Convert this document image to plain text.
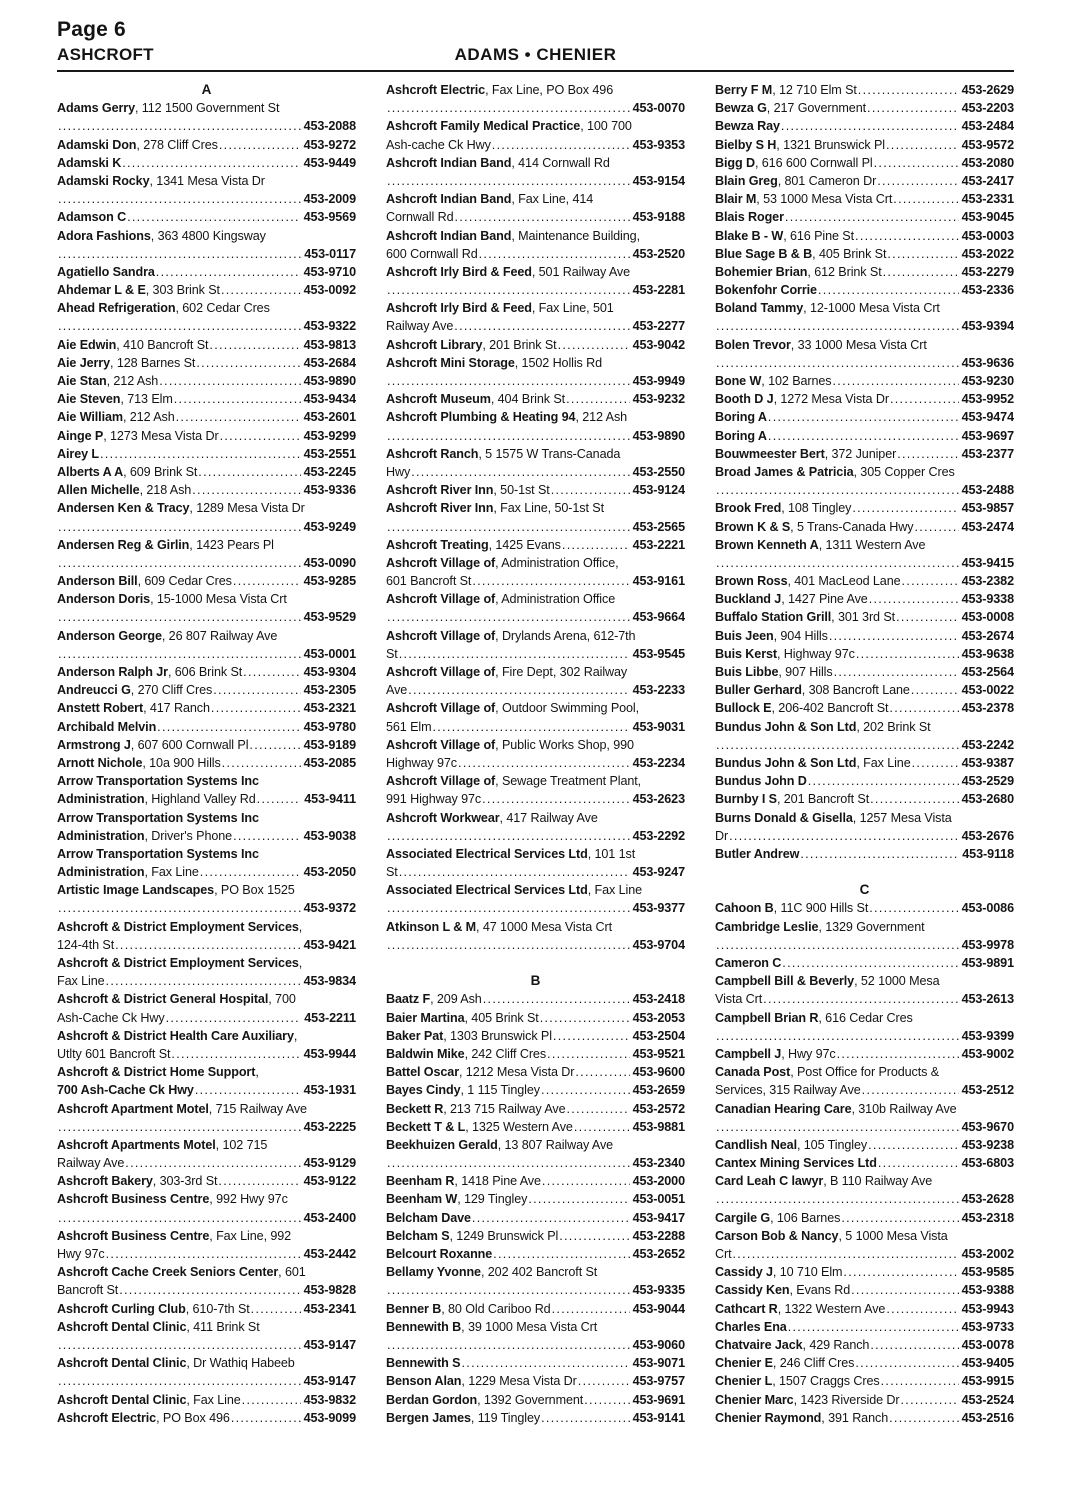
Page 6
ASHCROFT	ADAMS • CHENIER
A
Adams Gerry , 112 1500 Government St
.....
453-2088
Adamski Don , 278 Cliff Cres .....	453-9272
Adamski K .....	453-9449
Adamski Rocky , 1341 Mesa Vista Dr
.....
453-2009
Adamson C .....	453-9569
Adora Fashions , 363 4800 Kingsway
.....
453-0117
Agatiello Sandra .....	453-9710
Ahdemar L & E , 303 Brink St .....	453-0092
Ahead Refrigeration , 602 Cedar Cres
.....
453-9322
Aie Edwin , 410 Bancroft St .....	453-9813
Aie Jerry , 128 Barnes St .....	453-2684
Aie Stan , 212 Ash .....	453-9890
Aie Steven , 713 Elm .....	453-9434
Aie William , 212 Ash .....	453-2601
Ainge P , 1273 Mesa Vista Dr .....	453-9299
Airey L .....	453-2551
Alberts A A , 609 Brink St .....	453-2245
Allen Michelle , 218 Ash .....	453-9336
Andersen Ken & Tracy , 1289 Mesa Vista Dr
.....
453-9249
Andersen Reg & Girlin , 1423 Pears Pl
.....
453-0090
Anderson Bill , 609 Cedar Cres .....	453-9285
Anderson Doris , 15-1000 Mesa Vista Crt
.....
453-9529
Anderson George , 26 807 Railway Ave
.....
453-0001
Anderson Ralph Jr , 606 Brink St .....	453-9304
Andreucci G , 270 Cliff Cres .....	453-2305
Anstett Robert , 417 Ranch .....	453-2321
Archibald Melvin .....	453-9780
Armstrong J , 607 600 Cornwall Pl .....	453-9189
Arnott Nichole , 10a 900 Hills .....	453-2085
Arrow Transportation Systems Inc
Administration , Highland Valley Rd .....	453-9411
Arrow Transportation Systems Inc
Administration , Driver's Phone .....	453-9038
Arrow Transportation Systems Inc
Administration , Fax Line .....	453-2050
Artistic Image Landscapes , PO Box 1525
.....
453-9372
Ashcroft & District Employment Services ,
124-4th St .....	453-9421
Ashcroft & District Employment Services ,
Fax Line .....	453-9834
Ashcroft & District General Hospital , 700
Ash-Cache Ck Hwy .....	453-2211
Ashcroft & District Health Care Auxiliary ,
Utlty 601 Bancroft St .....	453-9944
Ashcroft & District Home Support ,
700 Ash-Cache Ck Hwy .....	453-1931
Ashcroft Apartment Motel , 715 Railway Ave
.....
453-2225
Ashcroft Apartments Motel , 102 715
Railway Ave .....	453-9129
Ashcroft Bakery , 303-3rd St .....	453-9122
Ashcroft Business Centre , 992 Hwy 97c
.....
453-2400
Ashcroft Business Centre , Fax Line, 992
Hwy 97c .....	453-2442
Ashcroft Cache Creek Seniors Center , 601
Bancroft St .....	453-9828
Ashcroft Curling Club , 610-7th St .....	453-2341
Ashcroft Dental Clinic , 411 Brink St
.....
453-9147
Ashcroft Dental Clinic , Dr Wathiq Habeeb
.....
453-9147
Ashcroft Dental Clinic , Fax Line .....	453-9832
Ashcroft Electric , PO Box 496 .....	453-9099
Ashcroft Electric , Fax Line, PO Box 496
.....
453-0070
Ashcroft Family Medical Practice , 100 700
Ash-cache Ck Hwy .....	453-9353
Ashcroft Indian Band , 414 Cornwall Rd
.....
453-9154
Ashcroft Indian Band , Fax Line, 414
Cornwall Rd .....	453-9188
Ashcroft Indian Band , Maintenance Building,
600 Cornwall Rd .....	453-2520
Ashcroft Irly Bird & Feed , 501 Railway Ave
.....
453-2281
Ashcroft Irly Bird & Feed , Fax Line, 501
Railway Ave .....	453-2277
Ashcroft Library , 201 Brink St .....	453-9042
Ashcroft Mini Storage , 1502 Hollis Rd
.....
453-9949
Ashcroft Museum , 404 Brink St .....	453-9232
Ashcroft Plumbing & Heating 94 , 212 Ash
.....
453-9890
Ashcroft Ranch , 5 1575 W Trans-Canada
Hwy .....	453-2550
Ashcroft River Inn , 50-1st St .....	453-9124
Ashcroft River Inn , Fax Line, 50-1st St
.....
453-2565
Ashcroft Treating , 1425 Evans .....	453-2221
Ashcroft Village of , Administration Office,
601 Bancroft St .....	453-9161
Ashcroft Village of , Administration Office
.....
453-9664
Ashcroft Village of , Drylands Arena, 612-7th
St .....	453-9545
Ashcroft Village of , Fire Dept, 302 Railway
Ave .....	453-2233
Ashcroft Village of , Outdoor Swimming Pool,
561 Elm .....	453-9031
Ashcroft Village of , Public Works Shop, 990
Highway 97c .....	453-2234
Ashcroft Village of , Sewage Treatment Plant,
991 Highway 97c .....	453-2623
Ashcroft Workwear , 417 Railway Ave
.....
453-2292
Associated Electrical Services Ltd , 101 1st
St .....	453-9247
Associated Electrical Services Ltd , Fax Line
.....
453-9377
Atkinson L & M , 47 1000 Mesa Vista Crt
.....
453-9704
B
Baatz F , 209 Ash .....	453-2418
Baier Martina , 405 Brink St .....	453-2053
Baker Pat , 1303 Brunswick Pl .....	453-2504
Baldwin Mike , 242 Cliff Cres .....	453-9521
Battel Oscar , 1212 Mesa Vista Dr .....	453-9600
Bayes Cindy , 1 115 Tingley .....	453-2659
Beckett R , 213 715 Railway Ave .....	453-2572
Beckett T & L , 1325 Western Ave .....	453-9881
Beekhuizen Gerald , 13 807 Railway Ave
.....
453-2340
Beenham R , 1418 Pine Ave .....	453-2000
Beenham W , 129 Tingley .....	453-0051
Belcham Dave .....	453-9417
Belcham S , 1249 Brunswick Pl .....	453-2288
Belcourt Roxanne .....	453-2652
Bellamy Yvonne , 202 402 Bancroft St
.....
453-9335
Benner B , 80 Old Cariboo Rd .....	453-9044
Bennewith B , 39 1000 Mesa Vista Crt
.....
453-9060
Bennewith S .....	453-9071
Benson Alan , 1229 Mesa Vista Dr .....	453-9757
Berdan Gordon , 1392 Government .....	453-9691
Bergen James , 119 Tingley .....	453-9141
Berry F M , 12 710 Elm St .....	453-2629
Bewza G , 217 Government .....	453-2203
Bewza Ray .....	453-2484
Bielby S H , 1321 Brunswick Pl .....	453-9572
Bigg D , 616 600 Cornwall Pl .....	453-2080
Blain Greg , 801 Cameron Dr .....	453-2417
Blair M , 53 1000 Mesa Vista Crt .....	453-2331
Blais Roger .....	453-9045
Blake B - W , 616 Pine St .....	453-0003
Blue Sage B & B , 405 Brink St .....	453-2022
Bohemier Brian , 612 Brink St .....	453-2279
Bokenfohr Corrie .....	453-2336
Boland Tammy , 12-1000 Mesa Vista Crt
.....
453-9394
Bolen Trevor , 33 1000 Mesa Vista Crt
.....
453-9636
Bone W , 102 Barnes .....	453-9230
Booth D J , 1272 Mesa Vista Dr .....	453-9952
Boring A .....	453-9474
Boring A .....	453-9697
Bouwmeester Bert , 372 Juniper .....	453-2377
Broad James & Patricia , 305 Copper Cres
.....
453-2488
Brook Fred , 108 Tingley .....	453-9857
Brown K & S , 5 Trans-Canada Hwy .....	453-2474
Brown Kenneth A , 1311 Western Ave
.....
453-9415
Brown Ross , 401 MacLeod Lane .....	453-2382
Buckland J , 1427 Pine Ave .....	453-9338
Buffalo Station Grill , 301 3rd St .....	453-0008
Buis Jeen , 904 Hills .....	453-2674
Buis Kerst , Highway 97c .....	453-9638
Buis Libbe , 907 Hills .....	453-2564
Buller Gerhard , 308 Bancroft Lane .....	453-0022
Bullock E , 206-402 Bancroft St .....	453-2378
Bundus John & Son Ltd , 202 Brink St
.....
453-2242
Bundus John & Son Ltd , Fax Line .....	453-9387
Bundus John D .....	453-2529
Burnby I S , 201 Bancroft St .....	453-2680
Burns Donald & Gisella , 1257 Mesa Vista
Dr .....	453-2676
Butler Andrew .....	453-9118
C
Cahoon B , 11C 900 Hills St .....	453-0086
Cambridge Leslie , 1329 Government
.....
453-9978
Cameron C .....	453-9891
Campbell Bill & Beverly , 52 1000 Mesa
Vista Crt .....	453-2613
Campbell Brian R , 616 Cedar Cres
.....
453-9399
Campbell J , Hwy 97c .....	453-9002
Canada Post , Post Office for Products &
Services, 315 Railway Ave .....	453-2512
Canadian Hearing Care , 310b Railway Ave
.....
453-9670
Candlish Neal , 105 Tingley .....	453-9238
Cantex Mining Services Ltd .....	453-6803
Card Leah C lawyr , B 110 Railway Ave
.....
453-2628
Cargile G , 106 Barnes .....	453-2318
Carson Bob & Nancy , 5 1000 Mesa Vista
Crt .....	453-2002
Cassidy J , 10 710 Elm .....	453-9585
Cassidy Ken , Evans Rd .....	453-9388
Cathcart R , 1322 Western Ave .....	453-9943
Charles Ena .....	453-9733
Chatvaire Jack , 429 Ranch .....	453-0078
Chenier E , 246 Cliff Cres .....	453-9405
Chenier L , 1507 Craggs Cres .....	453-9915
Chenier Marc , 1423 Riverside Dr .....	453-2524
Chenier Raymond , 391 Ranch .....	453-2516
